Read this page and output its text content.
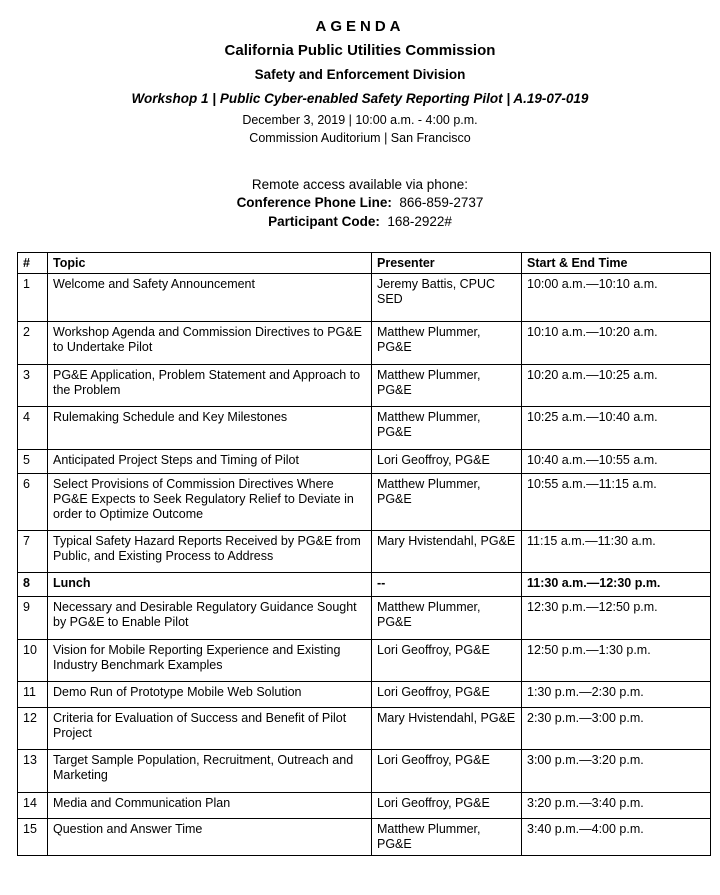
AGENDA
California Public Utilities Commission
Safety and Enforcement Division
Workshop 1 | Public Cyber-enabled Safety Reporting Pilot | A.19-07-019
December 3, 2019 | 10:00 a.m. - 4:00 p.m.
Commission Auditorium | San Francisco
Remote access available via phone:
Conference Phone Line: 866-859-2737
Participant Code: 168-2922#
#	Topic	Presenter	Start & End Time
1	Welcome and Safety Announcement	Jeremy Battis, CPUC SED	10:00 a.m.—10:10 a.m.
2	Workshop Agenda and Commission Directives to PG&E to Undertake Pilot	Matthew Plummer, PG&E	10:10 a.m.—10:20 a.m.
3	PG&E Application, Problem Statement and Approach to the Problem	Matthew Plummer, PG&E	10:20 a.m.—10:25 a.m.
4	Rulemaking Schedule and Key Milestones	Matthew Plummer, PG&E	10:25 a.m.—10:40 a.m.
5	Anticipated Project Steps and Timing of Pilot	Lori Geoffroy, PG&E	10:40 a.m.—10:55 a.m.
6	Select Provisions of Commission Directives Where PG&E Expects to Seek Regulatory Relief to Deviate in order to Optimize Outcome	Matthew Plummer, PG&E	10:55 a.m.—11:15 a.m.
7	Typical Safety Hazard Reports Received by PG&E from Public, and Existing Process to Address	Mary Hvistendahl, PG&E	11:15 a.m.—11:30 a.m.
8	Lunch	--	11:30 a.m.—12:30 p.m.
9	Necessary and Desirable Regulatory Guidance Sought by PG&E to Enable Pilot	Matthew Plummer, PG&E	12:30 p.m.—12:50 p.m.
10	Vision for Mobile Reporting Experience and Existing Industry Benchmark Examples	Lori Geoffroy, PG&E	12:50 p.m.—1:30 p.m.
11	Demo Run of Prototype Mobile Web Solution	Lori Geoffroy, PG&E	1:30 p.m.—2:30 p.m.
12	Criteria for Evaluation of Success and Benefit of Pilot Project	Mary Hvistendahl, PG&E	2:30 p.m.—3:00 p.m.
13	Target Sample Population, Recruitment, Outreach and Marketing	Lori Geoffroy, PG&E	3:00 p.m.—3:20 p.m.
14	Media and Communication Plan	Lori Geoffroy, PG&E	3:20 p.m.—3:40 p.m.
15	Question and Answer Time	Matthew Plummer, PG&E	3:40 p.m.—4:00 p.m.
